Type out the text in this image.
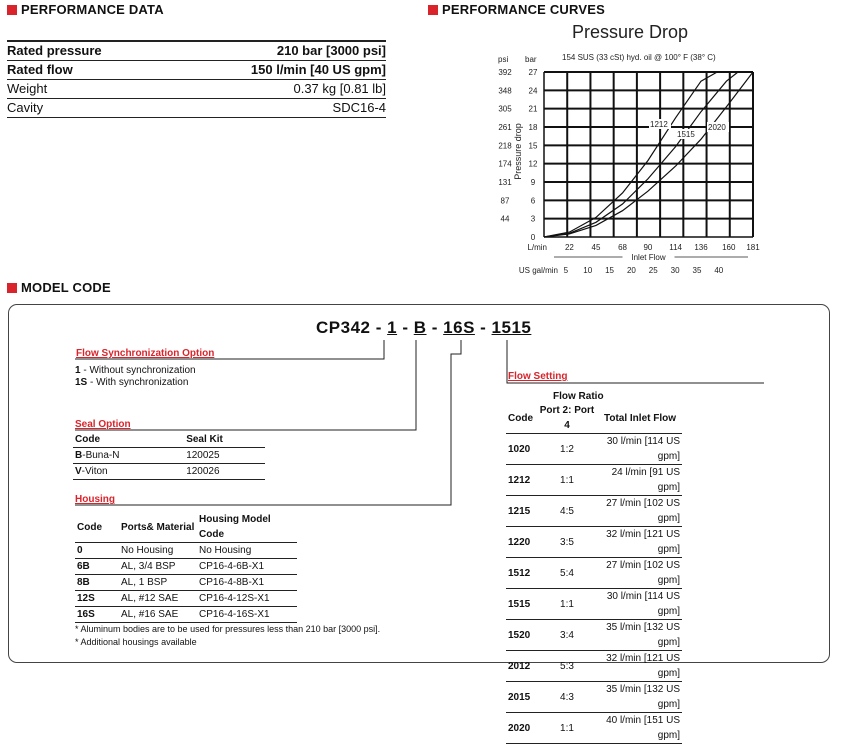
PERFORMANCE DATA
Rated pressure	210 bar [3000 psi]
Rated flow	150 l/min [40 US gpm]
Weight	0.37 kg [0.81 lb]
Cavity	SDC16-4
PERFORMANCE CURVES
Pressure Drop
154 SUS (33 cSt) hyd. oil @ 100° F (38° C)
psi bar
27
24
21
18
15
12
9
6
3
0
392
348
305
261
218
174
131
87
44
Pressure drop
L/min 22 45 68 90 114 136 160 181
Inlet Flow
US gal/min 5 10 15 20 25 30 35 40
1212
1515
2020
MODEL CODE
CP342 - 1 - B - 16S - 1515
Flow Synchronization Option
1 - Without synchronization
1S - With synchronization
Seal Option
Code	Seal Kit
B-Buna-N	120025
V-Viton	120026
Housing
Code	Ports& Material	Housing Model Code
0	No Housing	No Housing
6B	AL, 3/4 BSP	CP16-4-6B-X1
8B	AL, 1 BSP	CP16-4-8B-X1
12S	AL, #12 SAE	CP16-4-12S-X1
16S	AL, #16 SAE	CP16-4-16S-X1
* Aluminum bodies are to be used for pressures less than 210 bar [3000 psi].
* Additional housings available
Flow Setting
Flow Ratio
Code	Port 2: Port 4	Total Inlet Flow
1020	1:2	30 l/min [114 US gpm]
1212	1:1	24 l/min [91 US gpm]
1215	4:5	27 l/min [102 US gpm]
1220	3:5	32 l/min [121 US gpm]
1512	5:4	27 l/min [102 US gpm]
1515	1:1	30 l/min [114 US gpm]
1520	3:4	35 l/min [132 US gpm]
2012	5:3	32 l/min [121 US gpm]
2015	4:3	35 l/min [132 US gpm]
2020	1:1	40 l/min [151 US gpm]
